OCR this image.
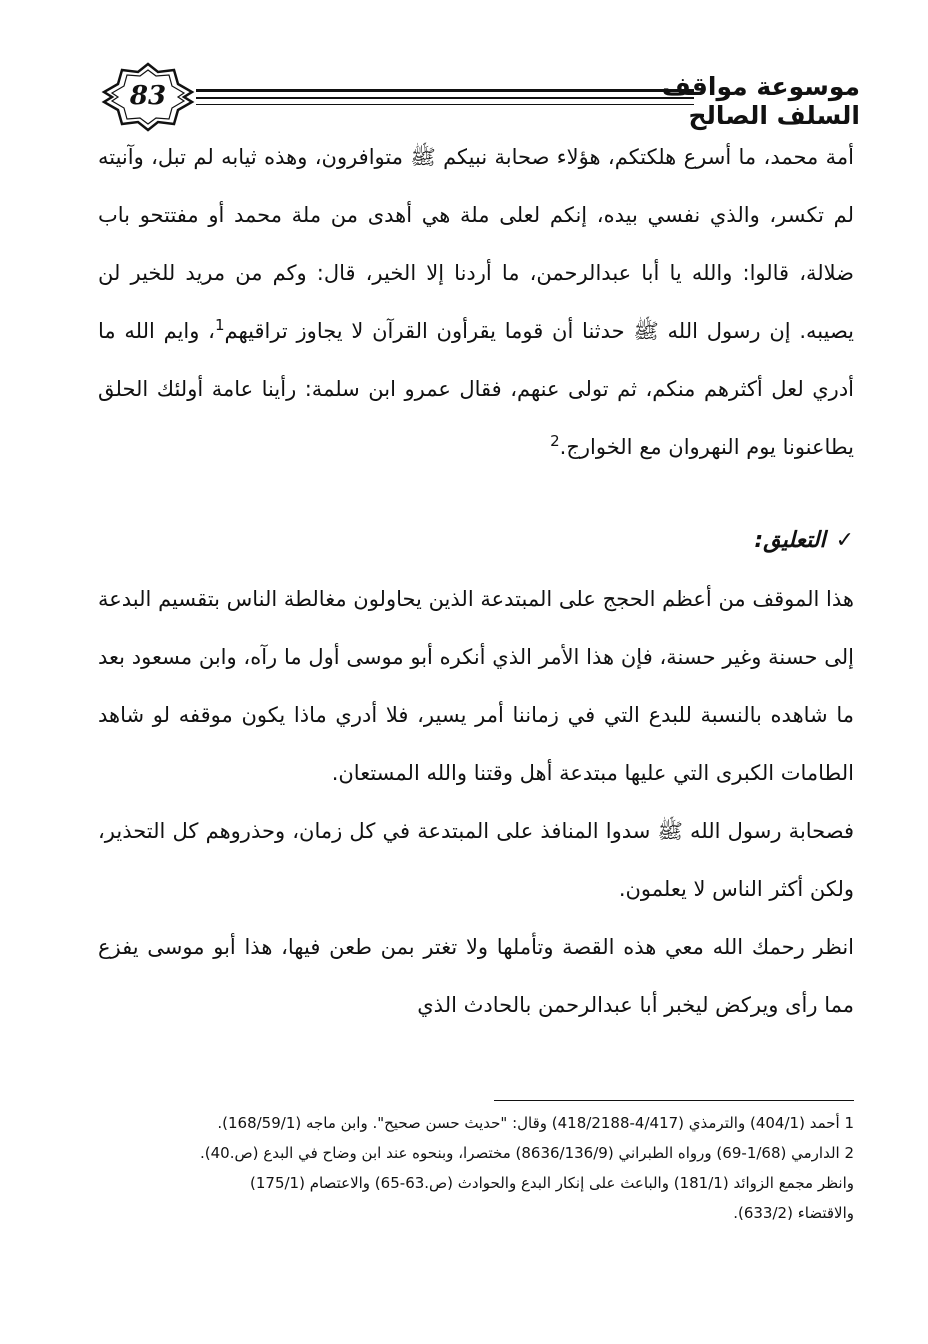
83	موسوعة مواقف السلف الصالح

أمة محمد، ما أسرع هلكتكم، هؤلاء صحابة نبيكم ﷺ متوافرون، وهذه ثيابه لم تبل، وآنيته لم تكسر، والذي نفسي بيده، إنكم لعلى ملة هي أهدى من ملة محمد أو مفتتحو باب ضلالة، قالوا: والله يا أبا عبدالرحمن، ما أردنا إلا الخير، قال: وكم من مريد للخير لن يصيبه. إن رسول الله ﷺ حدثنا أن قوما يقرأون القرآن لا يجاوز تراقيهم$^1$، وايم الله ما أدري لعل أكثرهم منكم، ثم تولى عنهم، فقال عمرو ابن سلمة: رأينا عامة أولئك الحلق يطاعنونا يوم النهروان مع الخوارج.$^2$

✓التعليق:

هذا الموقف من أعظم الحجج على المبتدعة الذين يحاولون مغالطة الناس بتقسيم البدعة إلى حسنة وغير حسنة، فإن هذا الأمر الذي أنكره أبو موسى أول ما رآه، وابن مسعود بعد ما شاهده بالنسبة للبدع التي في زماننا أمر يسير، فلا أدري ماذا يكون موقفه لو شاهد الطامات الكبرى التي عليها مبتدعة أهل وقتنا والله المستعان.

فصحابة رسول الله ﷺ سدوا المنافذ على المبتدعة في كل زمان، وحذروهم كل التحذير، ولكن أكثر الناس لا يعلمون.

انظر رحمك الله معي هذه القصة وتأملها ولا تغتر بمن طعن فيها، هذا أبو موسى يفزع مما رأى ويركض ليخبر أبا عبدالرحمن بالحادث الذي

1 أحمد (404/1) والترمذي (4/417-418/2188) وقال: "حديث حسن صحيح". وابن ماجه (168/59/1).

2 الدارمي (1/68-69) ورواه الطبراني (8636/136/9) مختصرا، وبنحوه عند ابن وضاح في البدع (ص.40).

وانظر مجمع الزوائد (181/1) والباعث على إنكار البدع والحوادث (ص.63-65) والاعتصام (175/1)

والاقتضاء (633/2).
